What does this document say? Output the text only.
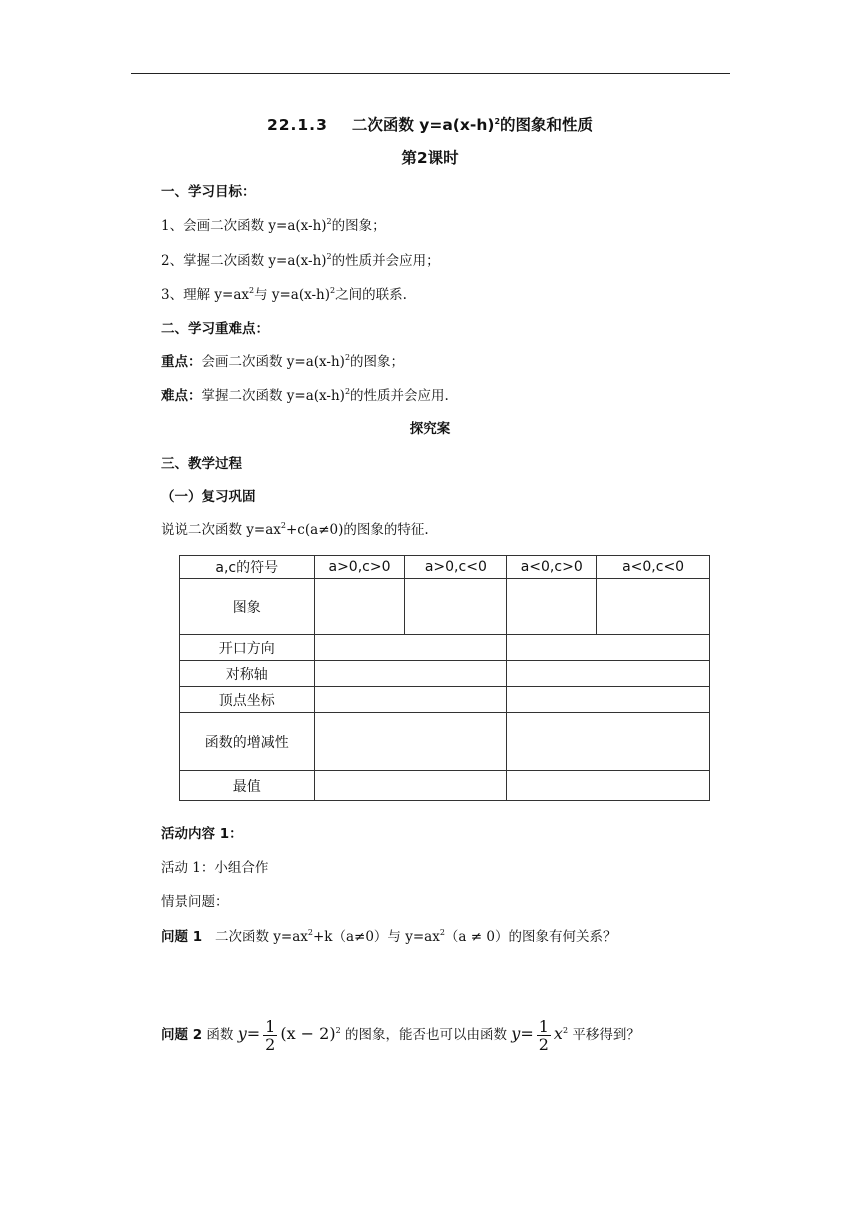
22.1.3 二次函数 $y=a(x-h)^2$的图象和性质
第2课时
一、学习目标：
1、会画二次函数 $y=a(x-h)^2$的图象；
2、掌握二次函数 $y=a(x-h)^2$的性质并会应用；
3、理解 $y=ax^2$与 $y=a(x-h)^2$之间的联系.
二、学习重难点：
重点：会画二次函数 $y=a(x-h)^2$的图象；
难点：掌握二次函数 $y=a(x-h)^2$的性质并会应用.
探究案
三、教学过程
（一）复习巩固
说说二次函数 $y=ax^2+c(a\ne 0)$的图象的特征.
a,c的符号	a>0,c>0	a>0,c<0	a<0,c>0	a<0,c<0
图象				
开口方向				
对称轴				
顶点坐标				
函数的增减性				
最值				
活动内容 1：
活动 1：小组合作
情景问题：
问题 1 二次函数 $y=ax^2+k(a\ne 0)$与 $y=ax^2(a \ne 0)$的图象有何关系？
问题 2 函数 $y= \frac{1}{2} (x - 2)^2$ 的图象，能否也可以由函数 $y= \frac{1}{2} x^2$ 平移得到？
